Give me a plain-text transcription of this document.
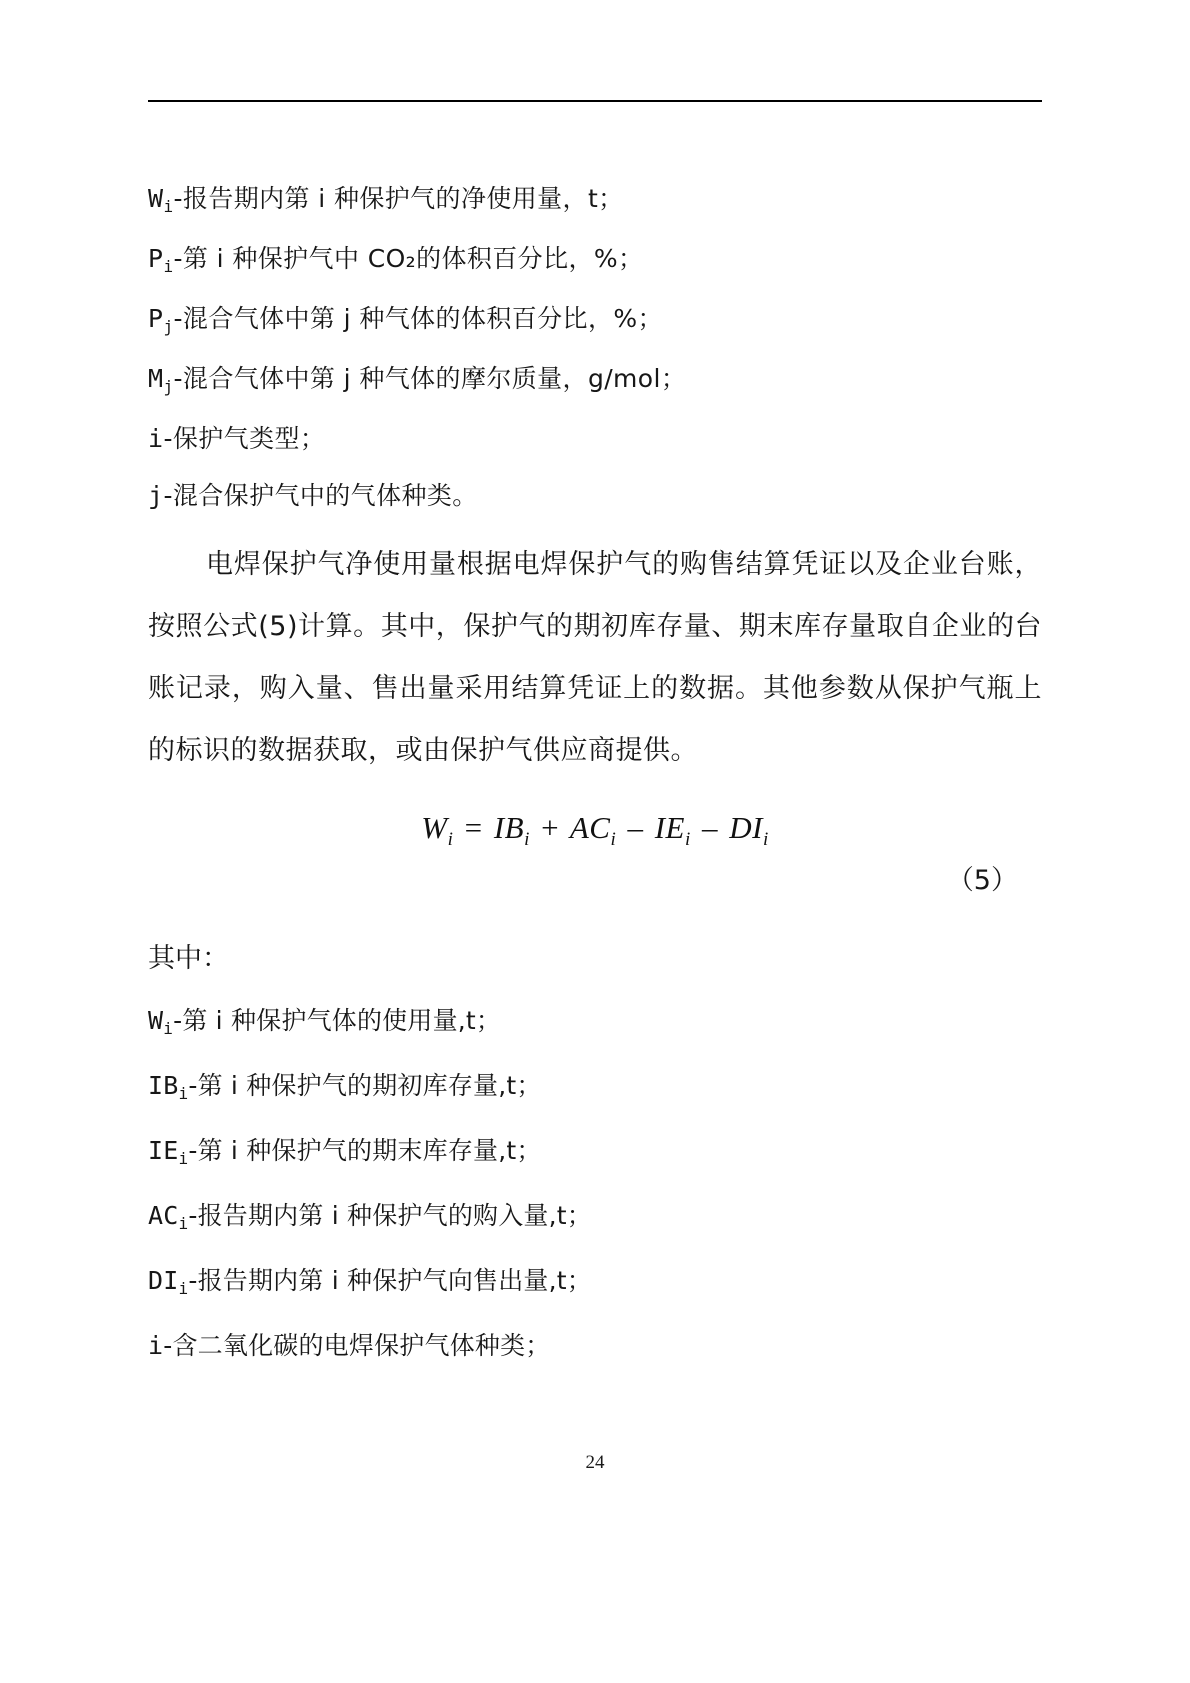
$W_i-$报告期内第 i 种保护气的净使用量，t；
$P_i-$第 i 种保护气中 CO₂的体积百分比，%；
$P_j-$混合气体中第 j 种气体的体积百分比，%；
$M_j-$混合气体中第 j 种气体的摩尔质量，g/mol；
i-保护气类型；
j-混合保护气中的气体种类。
电焊保护气净使用量根据电焊保护气的购售结算凭证以及企业台账，按照公式(5)计算。其中，保护气的期初库存量、期末库存量取自企业的台账记录，购入量、售出量采用结算凭证上的数据。其他参数从保护气瓶上的标识的数据获取，或由保护气供应商提供。
$W_i = IB_i + AC_i - IE_i - DI_i$
（5）
其中：
$W_i-$第 i 种保护气体的使用量,t；
$IB_i-$第 i 种保护气的期初库存量,t；
$IE_i-$第 i 种保护气的期末库存量,t；
$AC_i-$报告期内第 i 种保护气的购入量,t；
$DI_i-$报告期内第 i 种保护气向售出量,t；
i-含二氧化碳的电焊保护气体种类；
24
